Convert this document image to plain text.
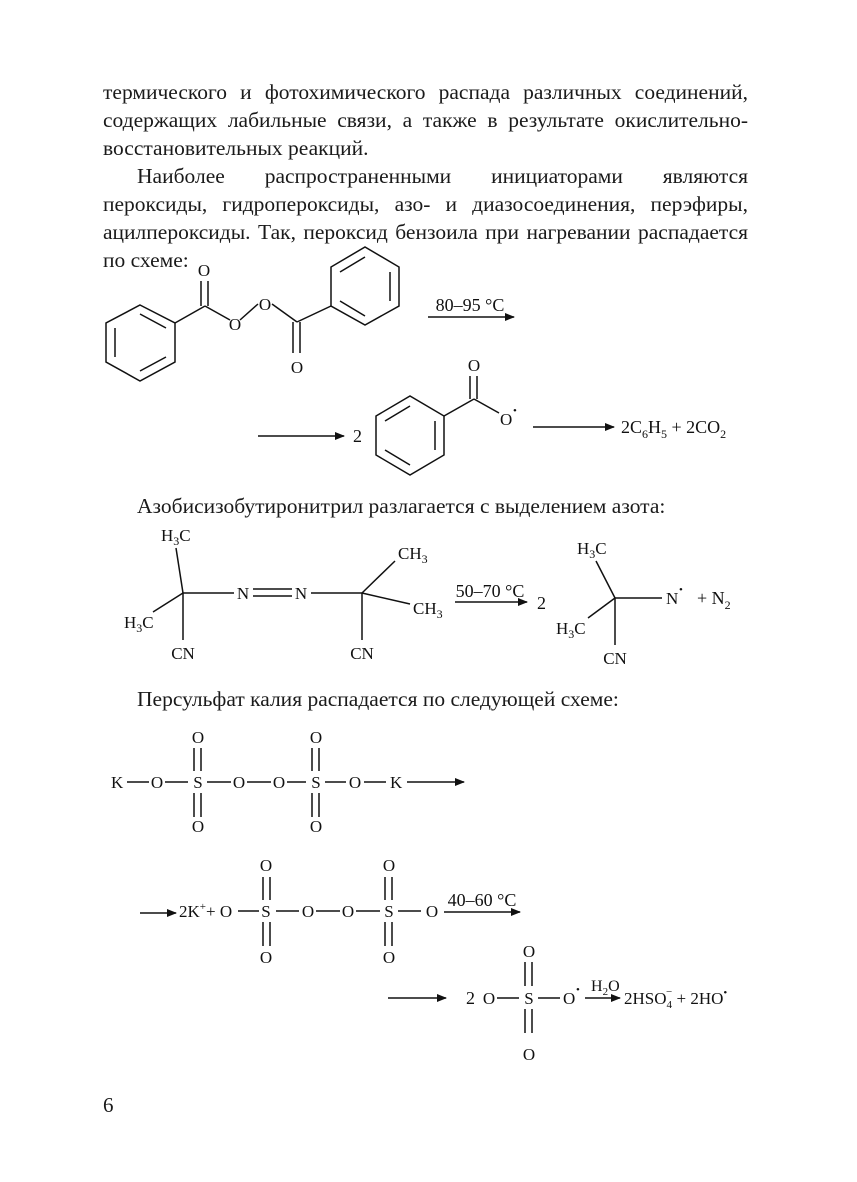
термического и фотохимического распада различных соединений, содержащих лабильные связи, а также в результате окислительно-восстановительных реакций.

Наиболее распространенными инициаторами являются пероксиды, гидропероксиды, азо- и диазосоединения, перэфиры, ацилпероксиды. Так, пероксид бензоила при нагревании распадается по схеме: O
O
O
O
80–95 °C
2
O
O •
$2C_6H_5 + 2CO_2$
$H_3C$
$H_3C$
CN
N	N
$CH_3$
$CH_3$
CN
50–70 °C
2
$H_3C$
$H_3C$
CN
N • + $N_2$
K O S
O
O
O O S
O
O
O K
2K++ O S
O
O
O O S
O
O
O
40–60 °C
2 O S
O
O
O • $H_2O$
$2HSO_4- + 2HO^•$
Азобисизобутиронитрил разлагается с выделением азота:
Персульфат калия распадается по следующей схеме:
6
